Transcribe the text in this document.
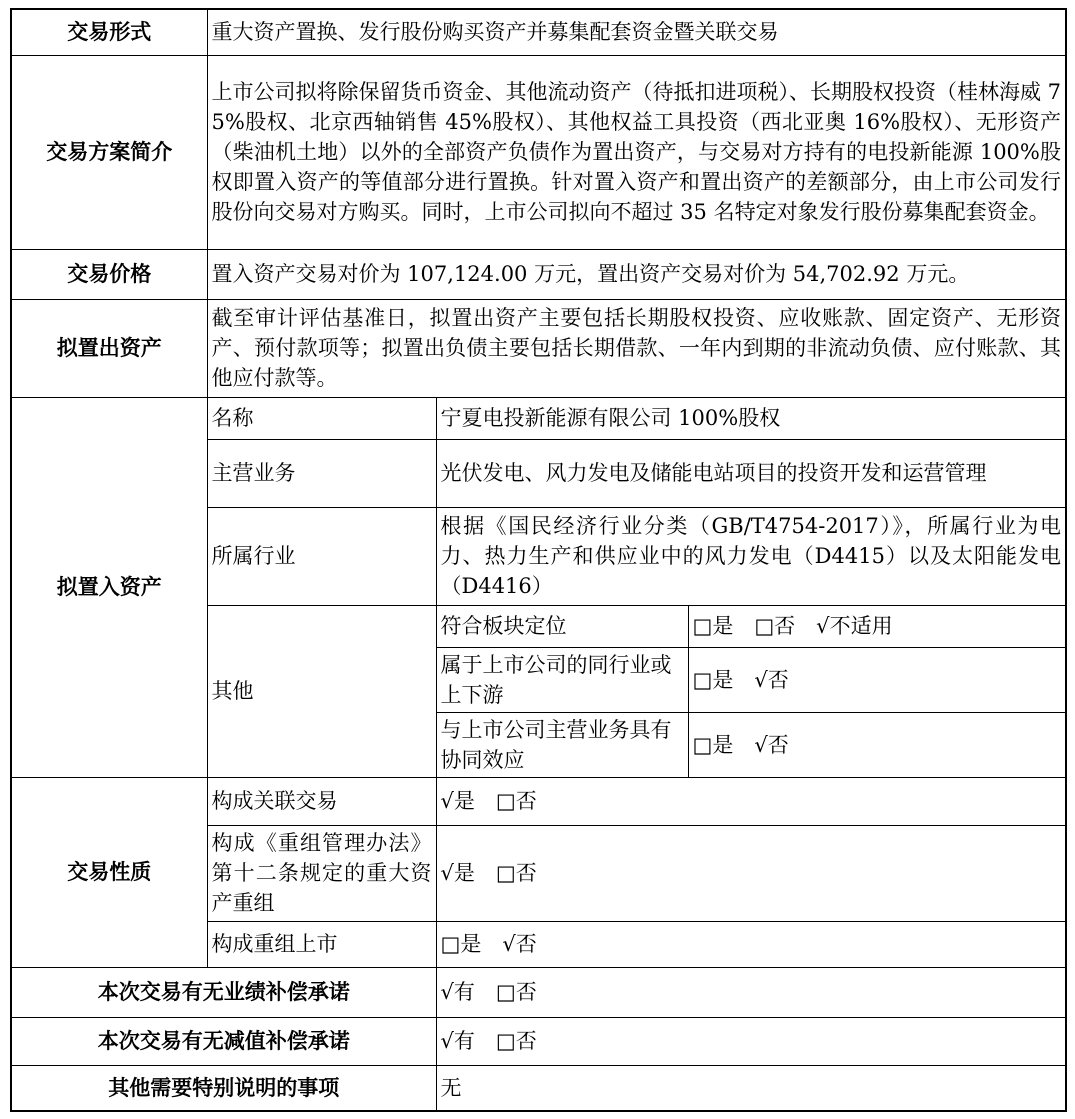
交易形式	重大资产置换、发行股份购买资产并募集配套资金暨关联交易		
交易方案简介	上市公司拟将除保留货币资金、其他流动资产（待抵扣进项税）、长期股权投资（桂林海威 75%股权、北京西轴销售 45%股权）、其他权益工具投资（西北亚奥 16%股权）、无形资产（柴油机土地）以外的全部资产负债作为置出资产，与交易对方持有的电投新能源 100%股权即置入资产的等值部分进行置换。针对置入资产和置出资产的差额部分，由上市公司发行股份向交易对方购买。同时，上市公司拟向不超过 35 名特定对象发行股份募集配套资金。		
交易价格	置入资产交易对价为 107,124.00 万元，置出资产交易对价为 54,702.92 万元。		
拟置出资产	截至审计评估基准日，拟置出资产主要包括长期股权投资、应收账款、固定资产、无形资产、预付款项等；拟置出负债主要包括长期借款、一年内到期的非流动负债、应付账款、其他应付款等。		
拟置入资产	名称	宁夏电投新能源有限公司 100%股权	
	主营业务	光伏发电、风力发电及储能电站项目的投资开发和运营管理	
	所属行业	根据《国民经济行业分类（GB/T4754-2017）》，所属行业为电力、热力生产和供应业中的风力发电（D4415）以及太阳能发电（D4416）	
	其他	符合板块定位	□是　□否　√不适用
		属于上市公司的同行业或上下游	□是　√否
		与上市公司主营业务具有协同效应	□是　√否
交易性质	构成关联交易	√是　□否	
	构成《重组管理办法》第十二条规定的重大资产重组	√是　□否	
	构成重组上市	□是　√否	
本次交易有无业绩补偿承诺		√有　□否	
本次交易有无减值补偿承诺		√有　□否	
其他需要特别说明的事项		无	
